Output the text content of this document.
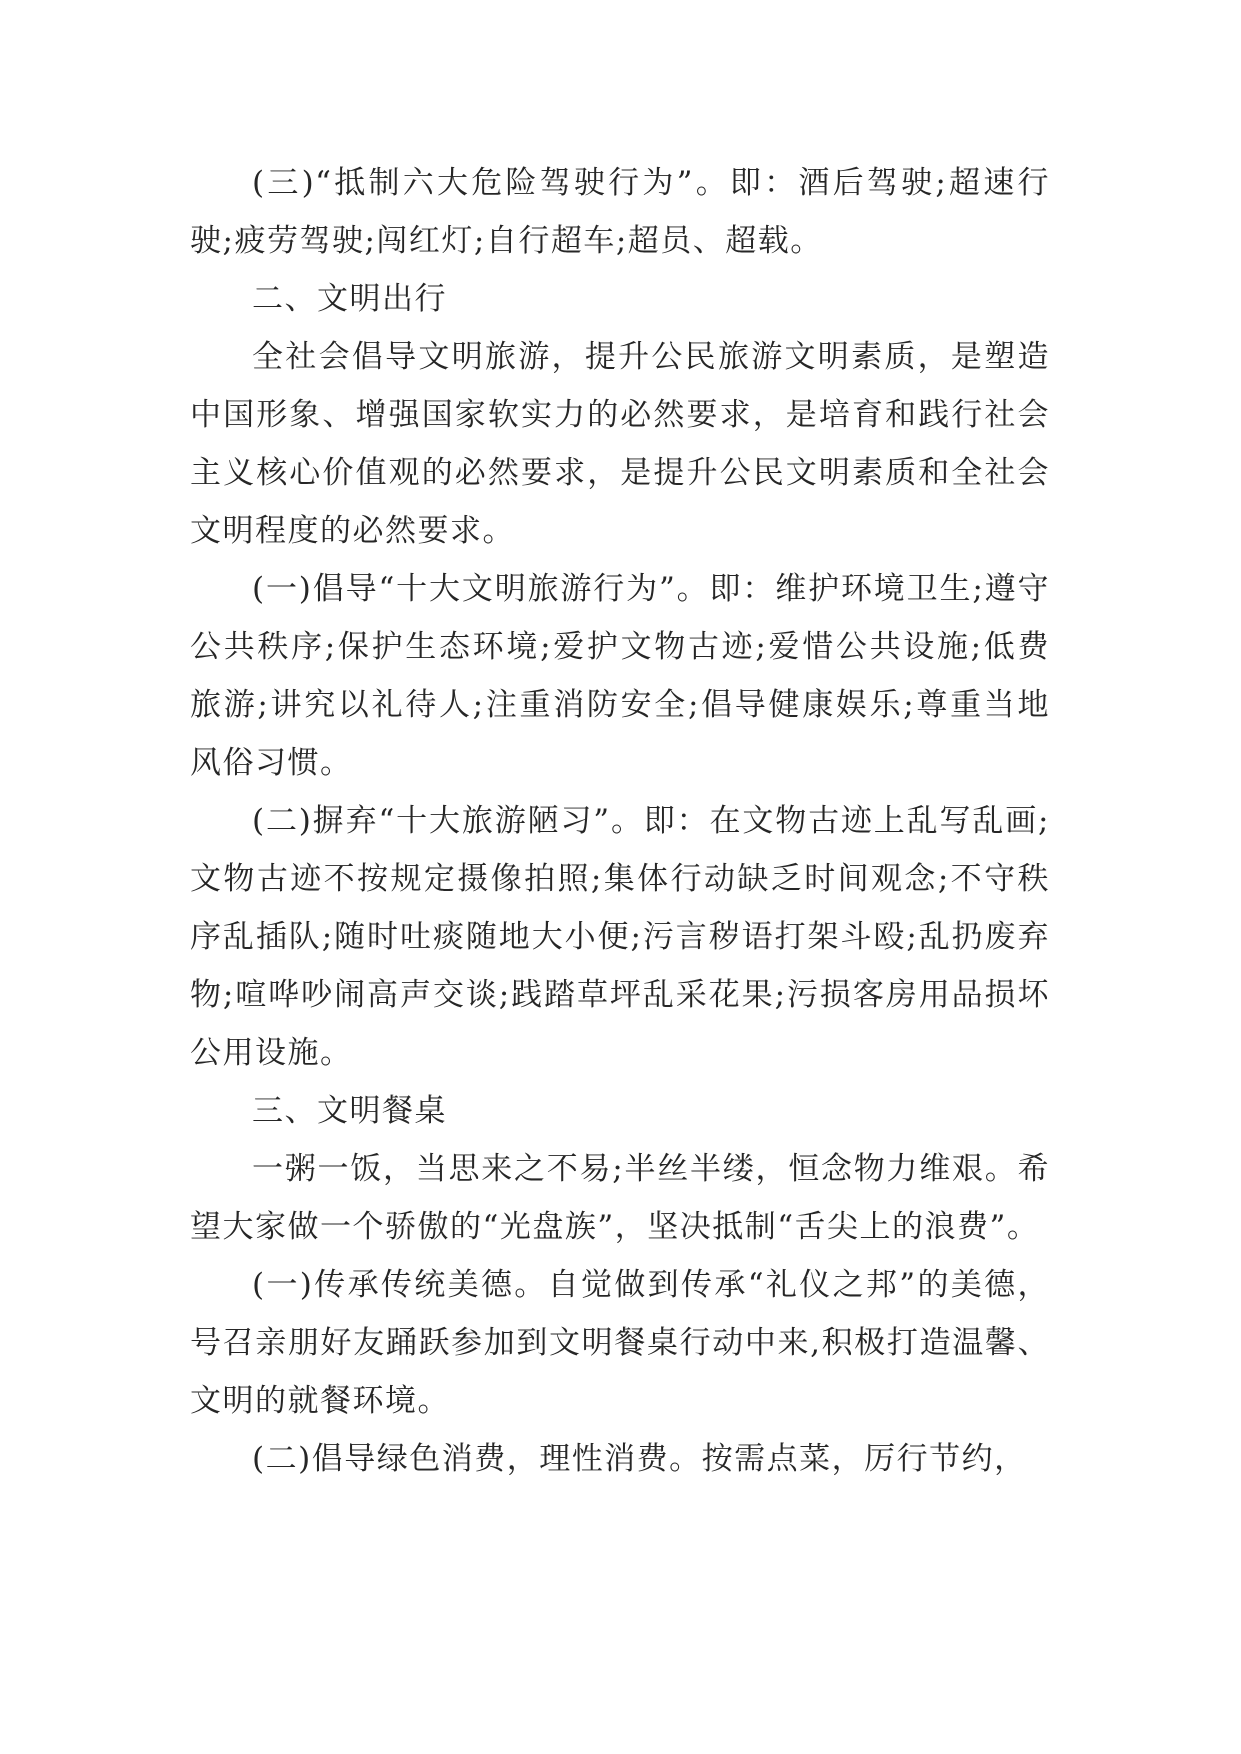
(三)“抵制六大危险驾驶行为”。即：酒后驾驶;超速行驶;疲劳驾驶;闯红灯;自行超车;超员、超载。

二、文明出行

全社会倡导文明旅游，提升公民旅游文明素质，是塑造中国形象、增强国家软实力的必然要求，是培育和践行社会主义核心价值观的必然要求，是提升公民文明素质和全社会文明程度的必然要求。

(一)倡导“十大文明旅游行为”。即：维护环境卫生;遵守公共秩序;保护生态环境;爱护文物古迹;爱惜公共设施;低费旅游;讲究以礼待人;注重消防安全;倡导健康娱乐;尊重当地风俗习惯。

(二)摒弃“十大旅游陋习”。即：在文物古迹上乱写乱画;文物古迹不按规定摄像拍照;集体行动缺乏时间观念;不守秩序乱插队;随时吐痰随地大小便;污言秽语打架斗殴;乱扔废弃物;喧哗吵闹高声交谈;践踏草坪乱采花果;污损客房用品损坏公用设施。

三、文明餐桌

一粥一饭，当思来之不易;半丝半缕，恒念物力维艰。希望大家做一个骄傲的“光盘族”，坚决抵制“舌尖上的浪费”。

(一)传承传统美德。自觉做到传承“礼仪之邦”的美德，号召亲朋好友踊跃参加到文明餐桌行动中来,积极打造温馨、文明的就餐环境。

(二)倡导绿色消费，理性消费。按需点菜，厉行节约，
